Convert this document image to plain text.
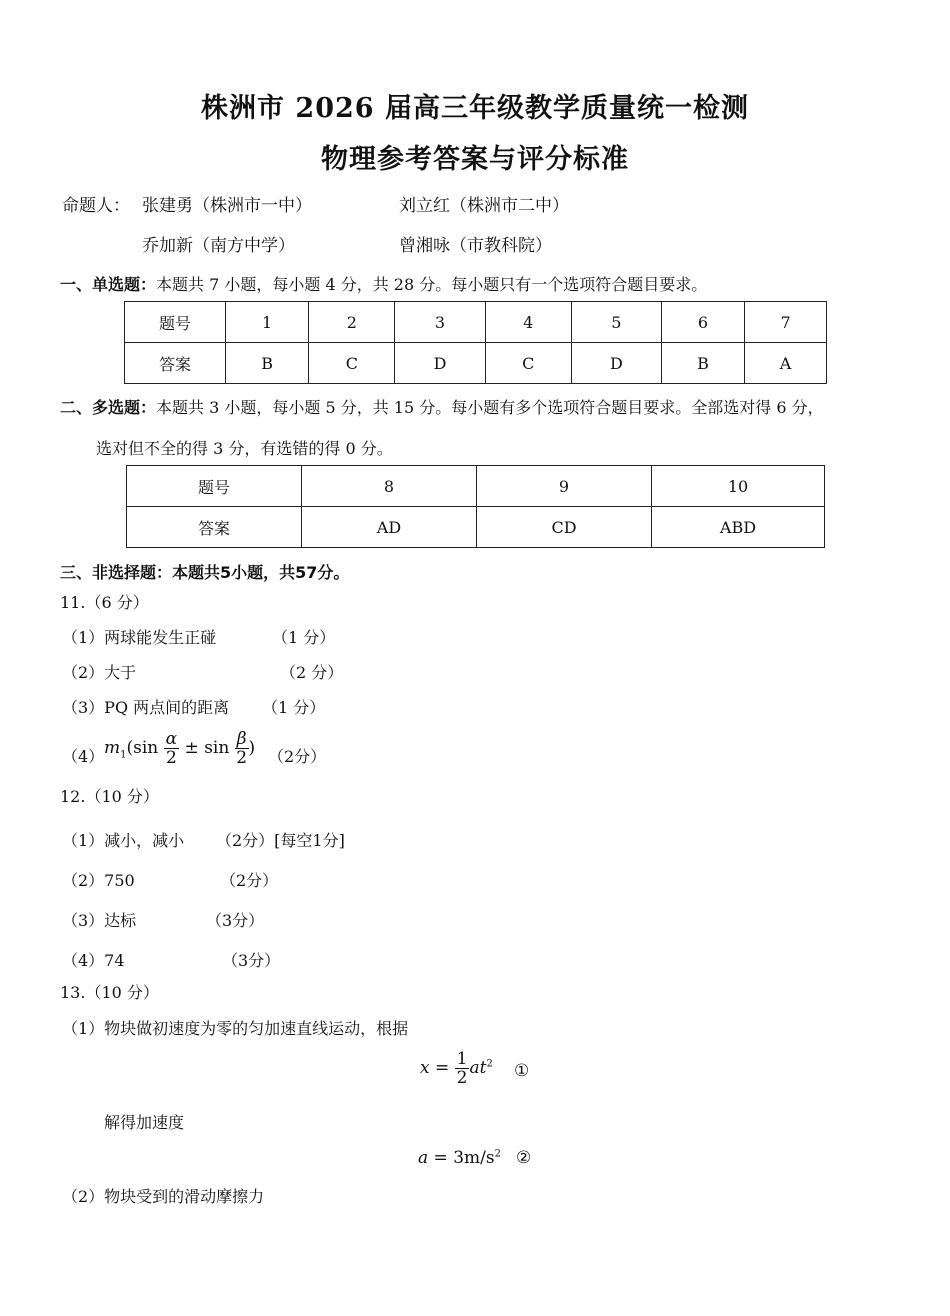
株洲市 2026 届高三年级教学质量统一检测
物理参考答案与评分标准
命题人： 张建勇（株洲市一中）	刘立红（株洲市二中）
乔加新（南方中学）	曾湘咏（市教科院）
一、单选题：本题共 7 小题，每小题 4 分，共 28 分。每小题只有一个选项符合题目要求。
题号	1	2	3	4	5	6	7
答案	B	C	D	C	D	B	A
二、多选题：本题共 3 小题，每小题 5 分，共 15 分。每小题有多个选项符合题目要求。全部选对得 6 分，
选对但不全的得 3 分，有选错的得 0 分。
题号	8	9	10
答案	AD	CD	ABD
三、非选择题：本题共5小题，共57分。
11.（6 分）
（1）两球能发生正碰	（1 分）
（2）大于	（2 分）
（3）PQ 两点间的距离 （1 分）
（4） $m_1(\sin \frac{\alpha}{2} \pm \sin \frac{\beta}{2}$ ) （2分）
12.（10 分）
（1）减小，减小 （2分）[每空1分]
（2）750	（2分）
（3）达标	（3分）
（4）74	（3分）
13.（10 分）
（1）物块做初速度为零的匀加速直线运动，根据
$x = \frac{1}{2} at^2$ ①
解得加速度
$a = 3m/s^2$ ②
（2）物块受到的滑动摩擦力
